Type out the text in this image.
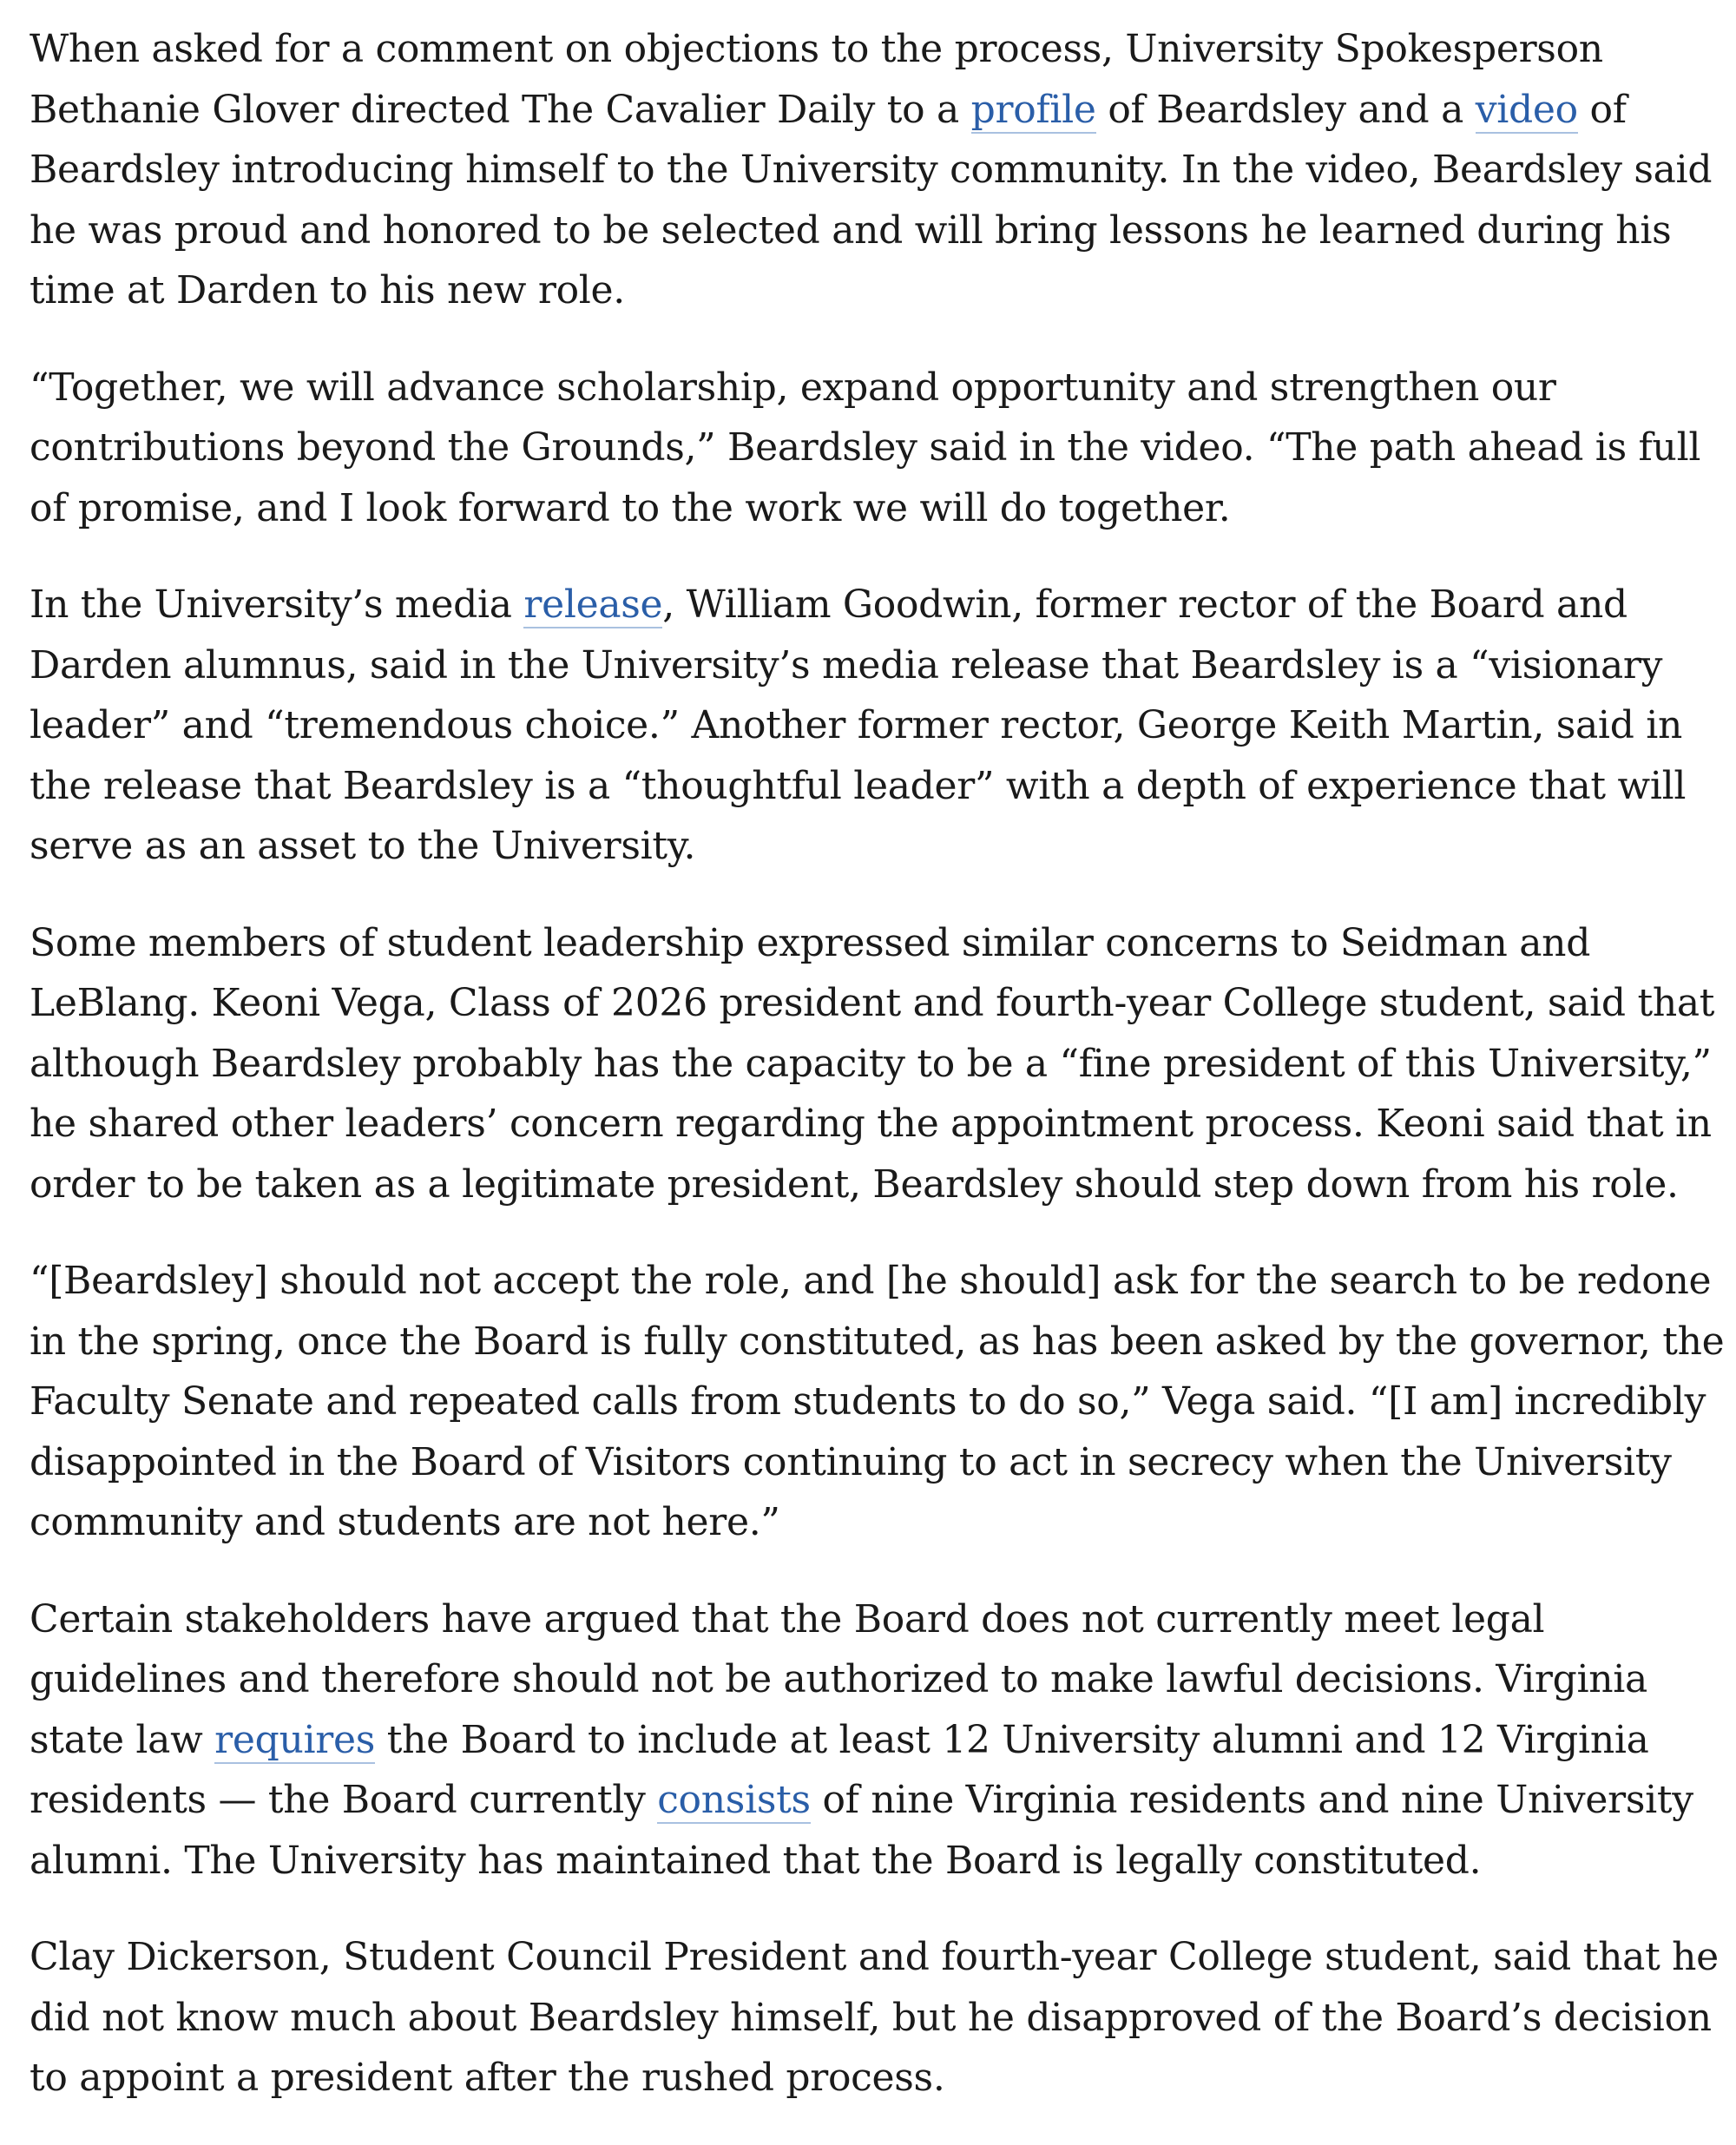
When asked for a comment on objections to the process, University Spokesperson Bethanie Glover directed The Cavalier Daily to a profile of Beardsley and a video of Beardsley introducing himself to the University community. In the video, Beardsley said he was proud and honored to be selected and will bring lessons he learned during his time at Darden to his new role.

“Together, we will advance scholarship, expand opportunity and strengthen our contributions beyond the Grounds,” Beardsley said in the video. “The path ahead is full of promise, and I look forward to the work we will do together.

In the University’s media release, William Goodwin, former rector of the Board and Darden alumnus, said in the University’s media release that Beardsley is a “visionary leader” and “tremendous choice.” Another former rector, George Keith Martin, said in the release that Beardsley is a “thoughtful leader” with a depth of experience that will serve as an asset to the University.

Some members of student leadership expressed similar concerns to Seidman and LeBlang. Keoni Vega, Class of 2026 president and fourth-year College student, said that although Beardsley probably has the capacity to be a “fine president of this University,” he shared other leaders’ concern regarding the appointment process. Keoni said that in order to be taken as a legitimate president, Beardsley should step down from his role.

“[Beardsley] should not accept the role, and [he should] ask for the search to be redone in the spring, once the Board is fully constituted, as has been asked by the governor, the Faculty Senate and repeated calls from students to do so,” Vega said. “[I am] incredibly disappointed in the Board of Visitors continuing to act in secrecy when the University community and students are not here.”

Certain stakeholders have argued that the Board does not currently meet legal guidelines and therefore should not be authorized to make lawful decisions. Virginia state law requires the Board to include at least 12 University alumni and 12 Virginia residents — the Board currently consists of nine Virginia residents and nine University alumni. The University has maintained that the Board is legally constituted.

Clay Dickerson, Student Council President and fourth-year College student, said that he did not know much about Beardsley himself, but he disapproved of the Board’s decision to appoint a president after the rushed process.
